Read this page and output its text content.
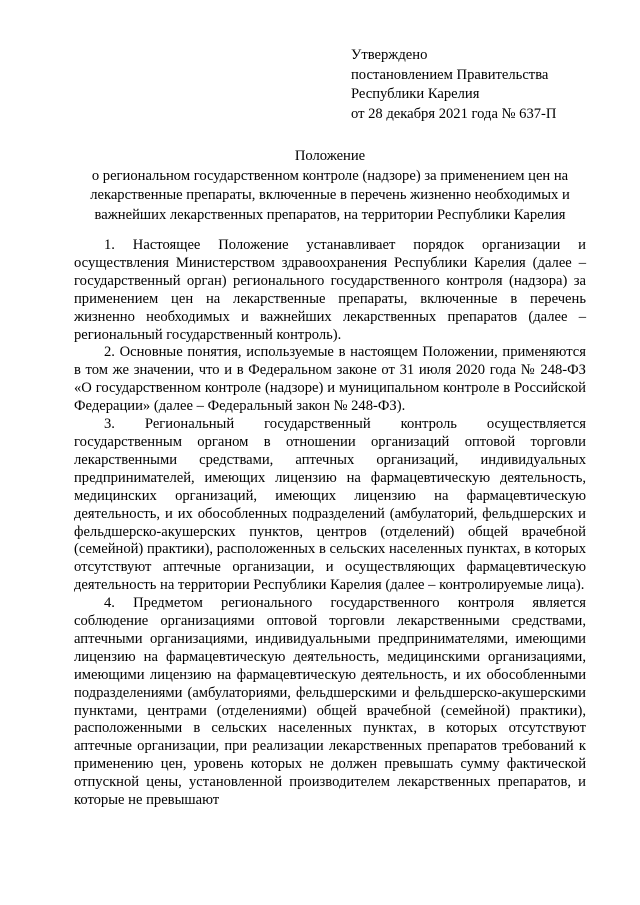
Утверждено
постановлением Правительства
Республики Карелия
от 28 декабря 2021 года № 637-П
Положение
о региональном государственном контроле (надзоре) за применением цен на лекарственные препараты, включенные в перечень жизненно необходимых и важнейших лекарственных препаратов, на территории Республики Карелия

1. Настоящее Положение устанавливает порядок организации и осуществления Министерством здравоохранения Республики Карелия (далее – государственный орган) регионального государственного контроля (надзора) за применением цен на лекарственные препараты, включенные в перечень жизненно необходимых и важнейших лекарственных препаратов (далее – региональный государственный контроль).

2. Основные понятия, используемые в настоящем Положении, применяются в том же значении, что и в Федеральном законе от 31 июля 2020 года № 248-ФЗ «О государственном контроле (надзоре) и муниципальном контроле в Российской Федерации» (далее – Федеральный закон № 248-ФЗ).

3. Региональный государственный контроль осуществляется государственным органом в отношении организаций оптовой торговли лекарственными средствами, аптечных организаций, индивидуальных предпринимателей, имеющих лицензию на фармацевтическую деятельность, медицинских организаций, имеющих лицензию на фармацевтическую деятельность, и их обособленных подразделений (амбулаторий, фельдшерских и фельдшерско-акушерских пунктов, центров (отделений) общей врачебной (семейной) практики), расположенных в сельских населенных пунктах, в которых отсутствуют аптечные организации, и осуществляющих фармацевтическую деятельность на территории Республики Карелия (далее – контролируемые лица).

4. Предметом регионального государственного контроля является соблюдение организациями оптовой торговли лекарственными средствами, аптечными организациями, индивидуальными предпринимателями, имеющими лицензию на фармацевтическую деятельность, медицинскими организациями, имеющими лицензию на фармацевтическую деятельность, и их обособленными подразделениями (амбулаториями, фельдшерскими и фельдшерско-акушерскими пунктами, центрами (отделениями) общей врачебной (семейной) практики), расположенными в сельских населенных пунктах, в которых отсутствуют аптечные организации, при реализации лекарственных препаратов требований к применению цен, уровень которых не должен превышать сумму фактической отпускной цены, установленной производителем лекарственных препаратов, и которые не превышают
